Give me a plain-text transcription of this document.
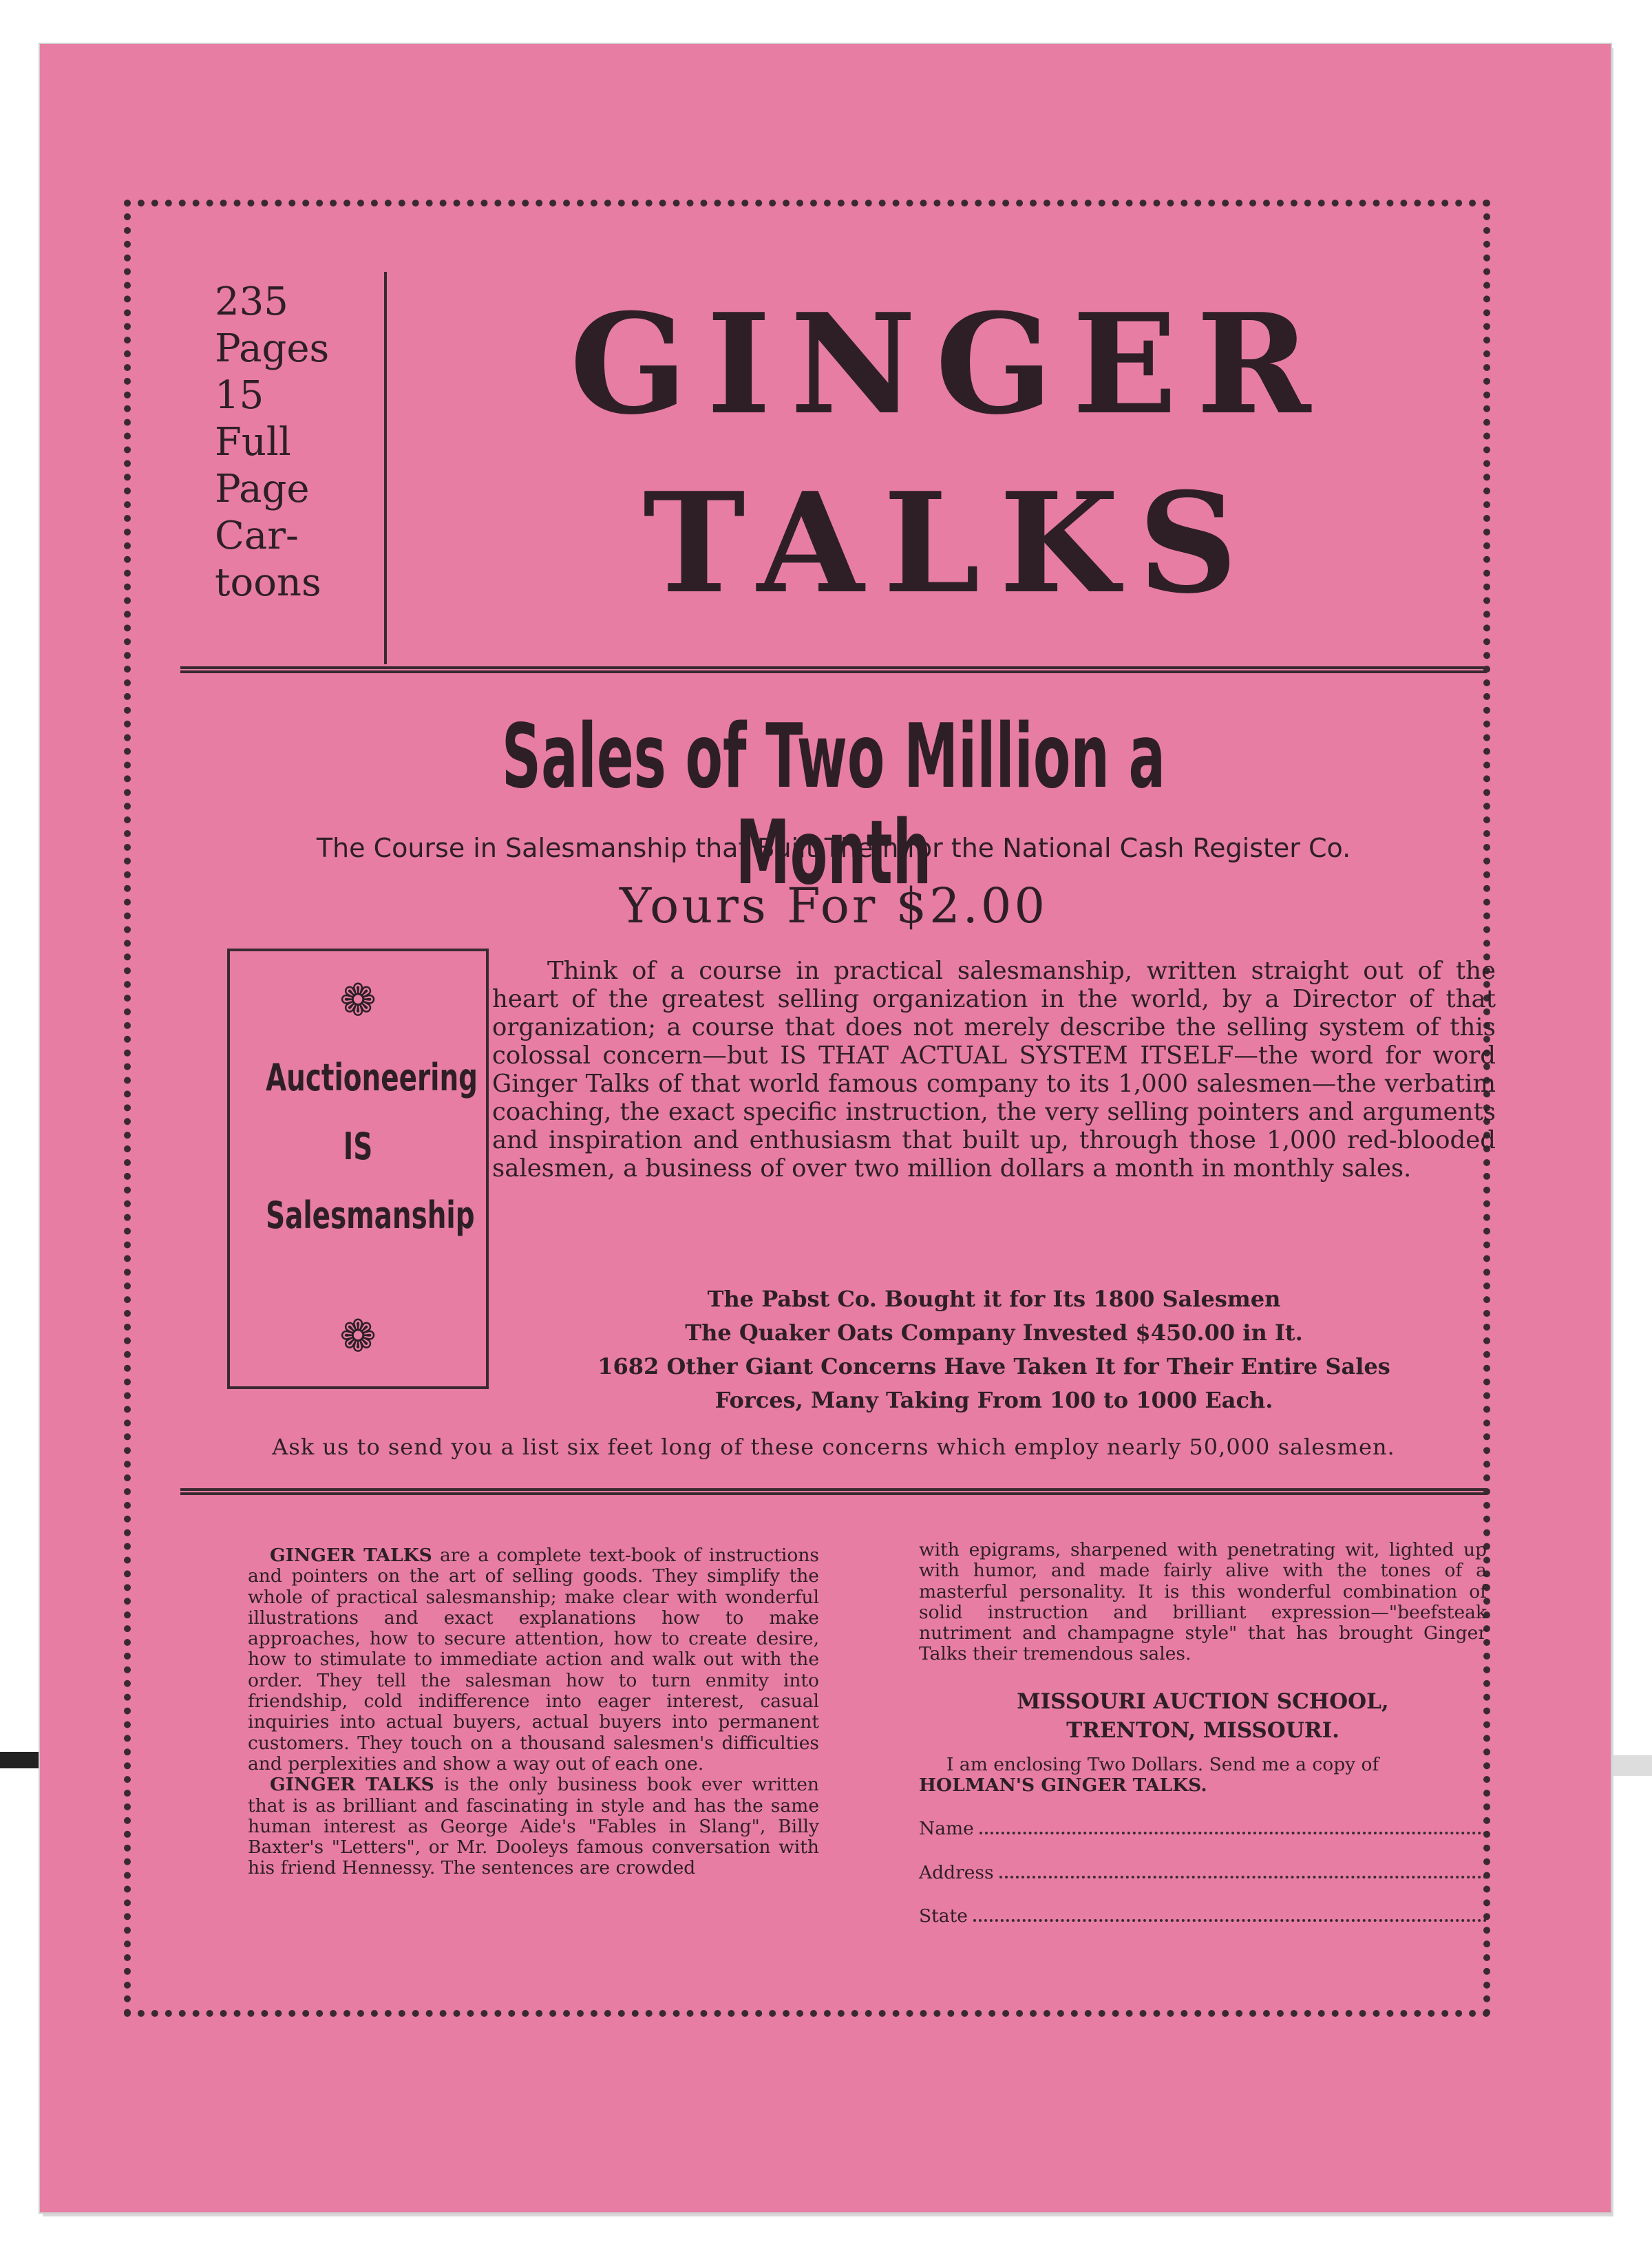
235
Pages
15
Full
Page
Car-
toons
GINGER
TALKS
Sales of Two Million a Month
The Course in Salesmanship that Built Them for the National Cash Register Co.
Yours For $2.00
❁
Auctioneering
IS
Salesmanship
❁
Think of a course in practical salesmanship, written straight out of the heart of the greatest selling organization in the world, by a Director of that organization; a course that does not merely describe the selling system of this colossal concern—but IS THAT ACTUAL SYSTEM ITSELF—the word for word Ginger Talks of that world famous company to its 1,000 salesmen—the verbatim coaching, the exact specific instruction, the very selling pointers and arguments and inspiration and enthusiasm that built up, through those 1,000 red-blooded salesmen, a business of over two million dollars a month in monthly sales.
The Pabst Co. Bought it for Its 1800 Salesmen
The Quaker Oats Company Invested $450.00 in It.
1682 Other Giant Concerns Have Taken It for Their Entire Sales
Forces, Many Taking From 100 to 1000 Each.
Ask us to send you a list six feet long of these concerns which employ nearly 50,000 salesmen.

GINGER TALKS are a complete text-book of instructions and pointers on the art of selling goods. They simplify the whole of practical salesmanship; make clear with wonderful illustrations and exact explanations how to make approaches, how to secure attention, how to create desire, how to stimulate to immediate action and walk out with the order. They tell the salesman how to turn enmity into friendship, cold indifference into eager interest, casual inquiries into actual buyers, actual buyers into permanent customers. They touch on a thousand salesmen's difficulties and perplexities and show a way out of each one.

GINGER TALKS is the only business book ever written that is as brilliant and fascinating in style and has the same human interest as George Aide's "Fables in Slang", Billy Baxter's "Letters", or Mr. Dooleys famous conversation with his friend Hennessy. The sentences are crowded

with epigrams, sharpened with penetrating wit, lighted up with humor, and made fairly alive with the tones of a masterful personality. It is this wonderful combination of solid instruction and brilliant expression—"beefsteak nutriment and champagne style" that has brought Ginger Talks their tremendous sales.
MISSOURI AUCTION SCHOOL,
TRENTON, MISSOURI.
I am enclosing Two Dollars. Send me a copy of HOLMAN'S GINGER TALKS.
Name
Address
State
